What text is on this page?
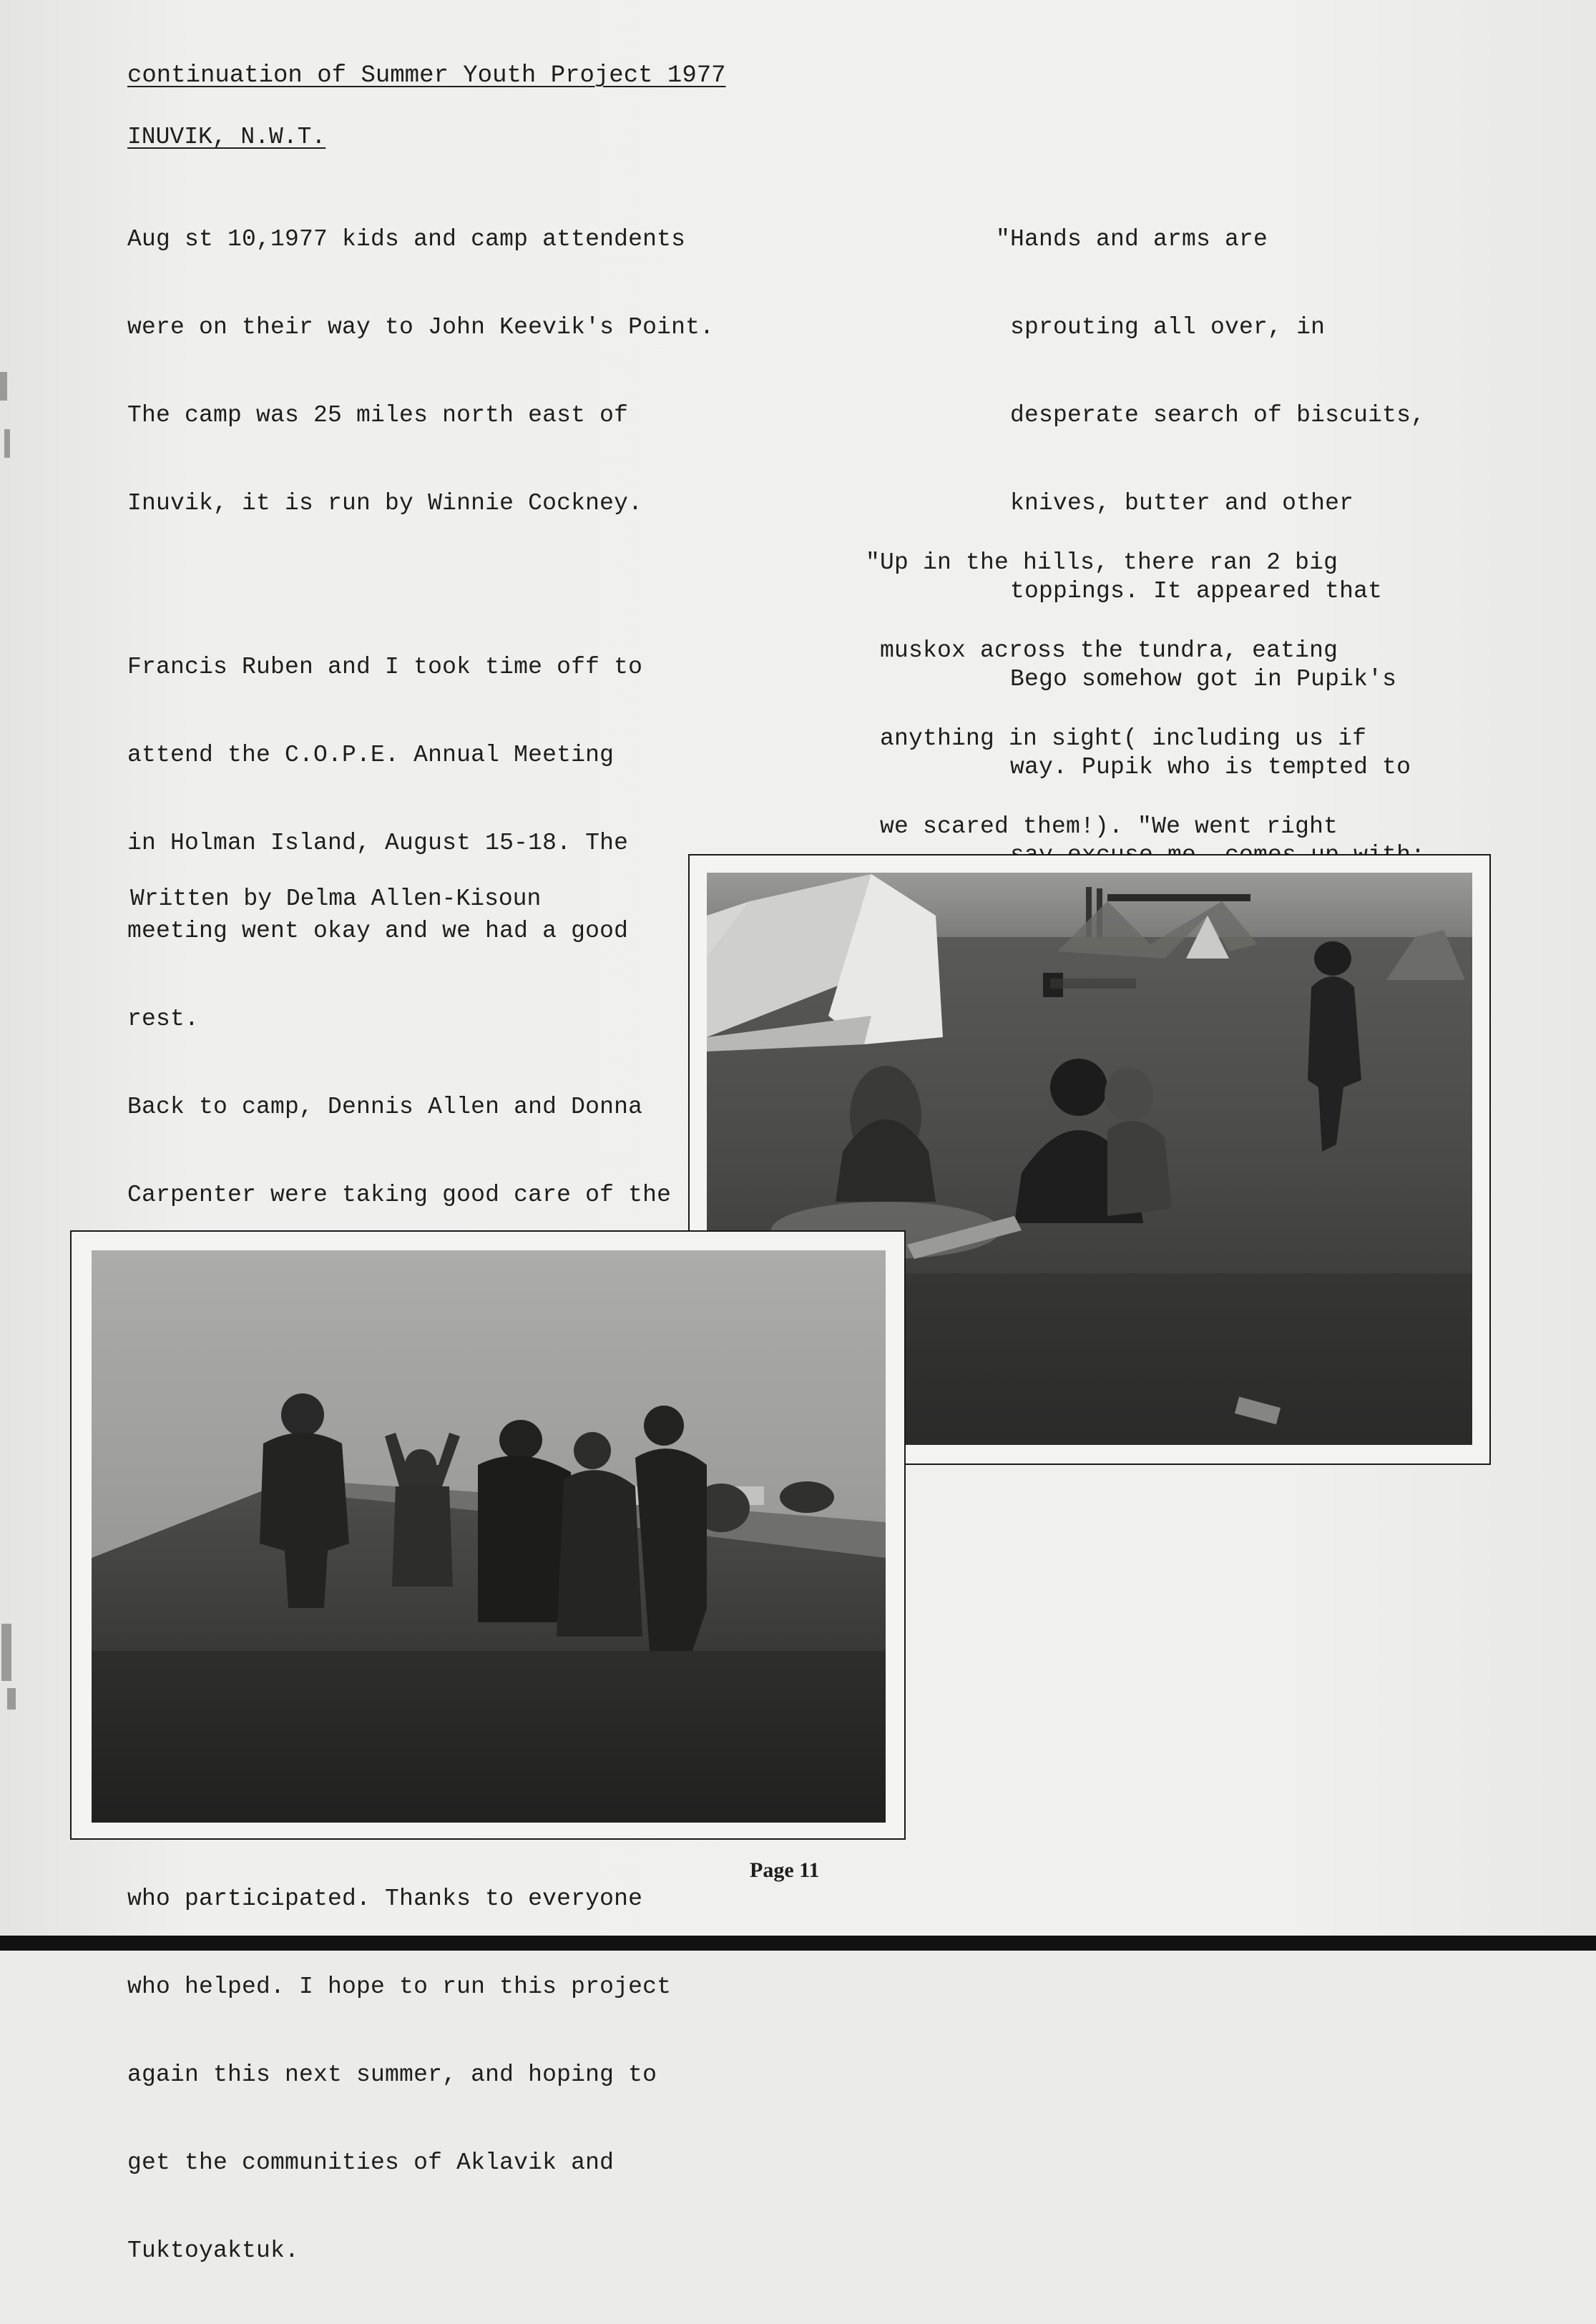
continuation of Summer Youth Project 1977
INUVIK, N.W.T.

Aug st 10,1977 kids and camp attendents

were on their way to John Keevik's Point.

The camp was 25 miles north east of

Inuvik, it is run by Winnie Cockney.

Francis Ruben and I took time off to

attend the C.O.P.E. Annual Meeting

in Holman Island, August 15-18. The

meeting went okay and we had a good

rest.

Back to camp, Dennis Allen and Donna

Carpenter were taking good care of the

who participated. Thanks to everyone

who helped. I hope to run this project

again this next summer, and hoping to

get the communities of Aklavik and

Tuktoyaktuk.

Written by Delma Allen-Kisoun

"Hands and arms are

sprouting all over, in

desperate search of biscuits,

knives, butter and other

toppings. It appeared that

Bego somehow got in Pupik's

way. Pupik who is tempted to

"Up in the hills, there ran 2 big

muskox across the tundra, eating

anything in sight( including us if

we scared them!). "We went right

Page 11
